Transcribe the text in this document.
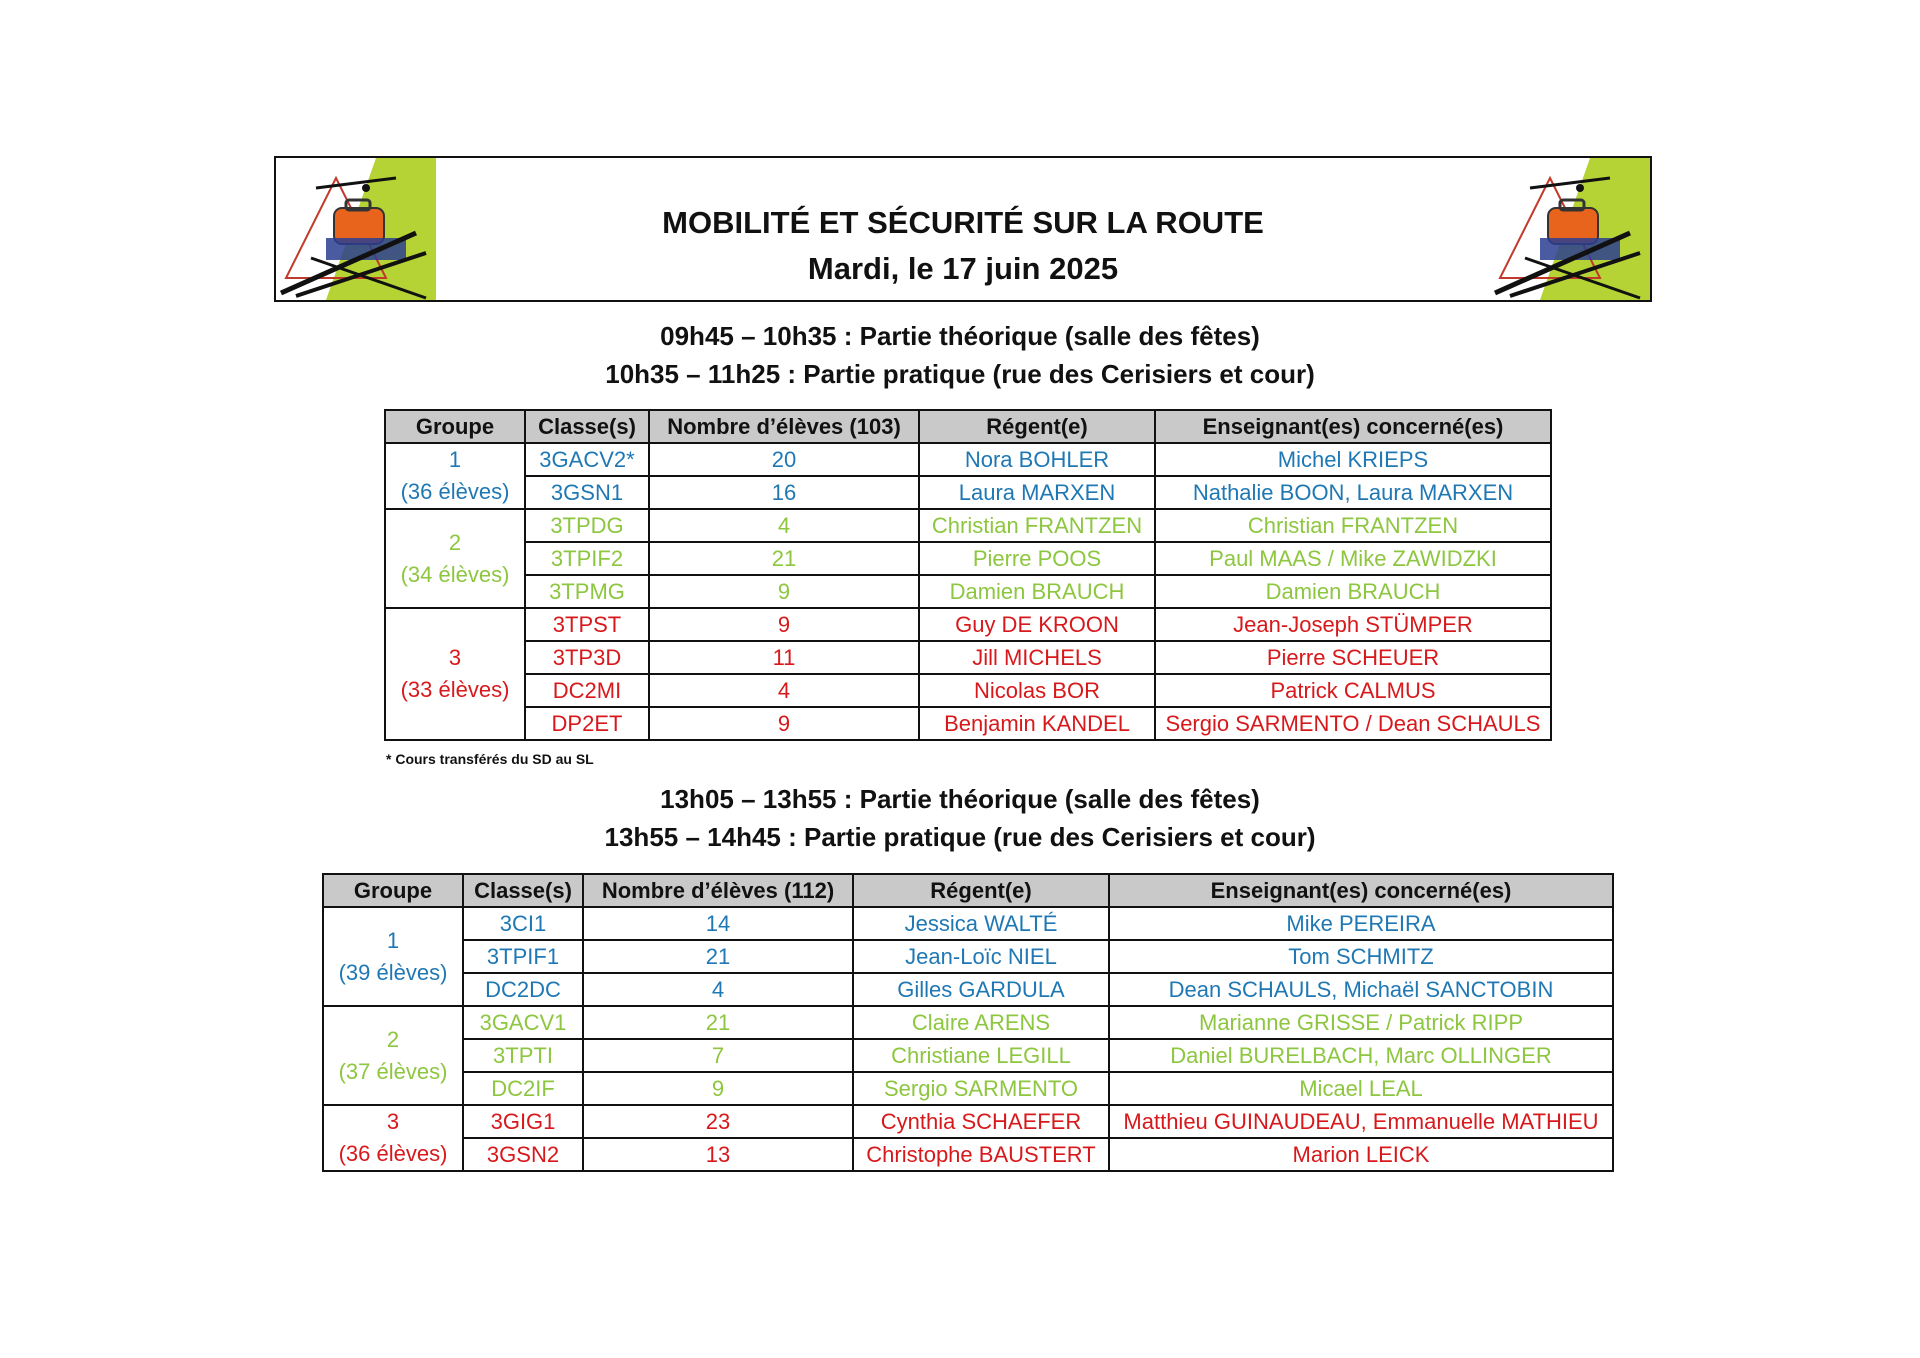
MOBILITÉ ET SÉCURITÉ SUR LA ROUTE
Mardi, le 17 juin 2025
09h45 – 10h35 : Partie théorique (salle des fêtes)
10h35 – 11h25 : Partie pratique (rue des Cerisiers et cour)
Groupe	Classe(s)	Nombre d’élèves (103)	Régent(e)	Enseignant(es) concerné(es)

1
(36 élèves)	3GACV2*	20	Nora BOHLER	Michel KRIEPS
	3GSN1	16	Laura MARXEN	Nathalie BOON, Laura MARXEN

2
(34 élèves)	3TPDG	4	Christian FRANTZEN	Christian FRANTZEN
	3TPIF2	21	Pierre POOS	Paul MAAS / Mike ZAWIDZKI
	3TPMG	9	Damien BRAUCH	Damien BRAUCH

3
(33 élèves)	3TPST	9	Guy DE KROON	Jean-Joseph STÜMPER
	3TP3D	11	Jill MICHELS	Pierre SCHEUER
	DC2MI	4	Nicolas BOR	Patrick CALMUS
	DP2ET	9	Benjamin KANDEL	Sergio SARMENTO / Dean SCHAULS
* Cours transférés du SD au SL
13h05 – 13h55 : Partie théorique (salle des fêtes)
13h55 – 14h45 : Partie pratique (rue des Cerisiers et cour)
Groupe	Classe(s)	Nombre d’élèves (112)	Régent(e)	Enseignant(es) concerné(es)

1
(39 élèves)	3CI1	14	Jessica WALTÉ	Mike PEREIRA
	3TPIF1	21	Jean-Loïc NIEL	Tom SCHMITZ
	DC2DC	4	Gilles GARDULA	Dean SCHAULS, Michaël SANCTOBIN

2
(37 élèves)	3GACV1	21	Claire ARENS	Marianne GRISSE / Patrick RIPP
	3TPTI	7	Christiane LEGILL	Daniel BURELBACH, Marc OLLINGER
	DC2IF	9	Sergio SARMENTO	Micael LEAL

3
(36 élèves)	3GIG1	23	Cynthia SCHAEFER	Matthieu GUINAUDEAU, Emmanuelle MATHIEU
	3GSN2	13	Christophe BAUSTERT	Marion LEICK
